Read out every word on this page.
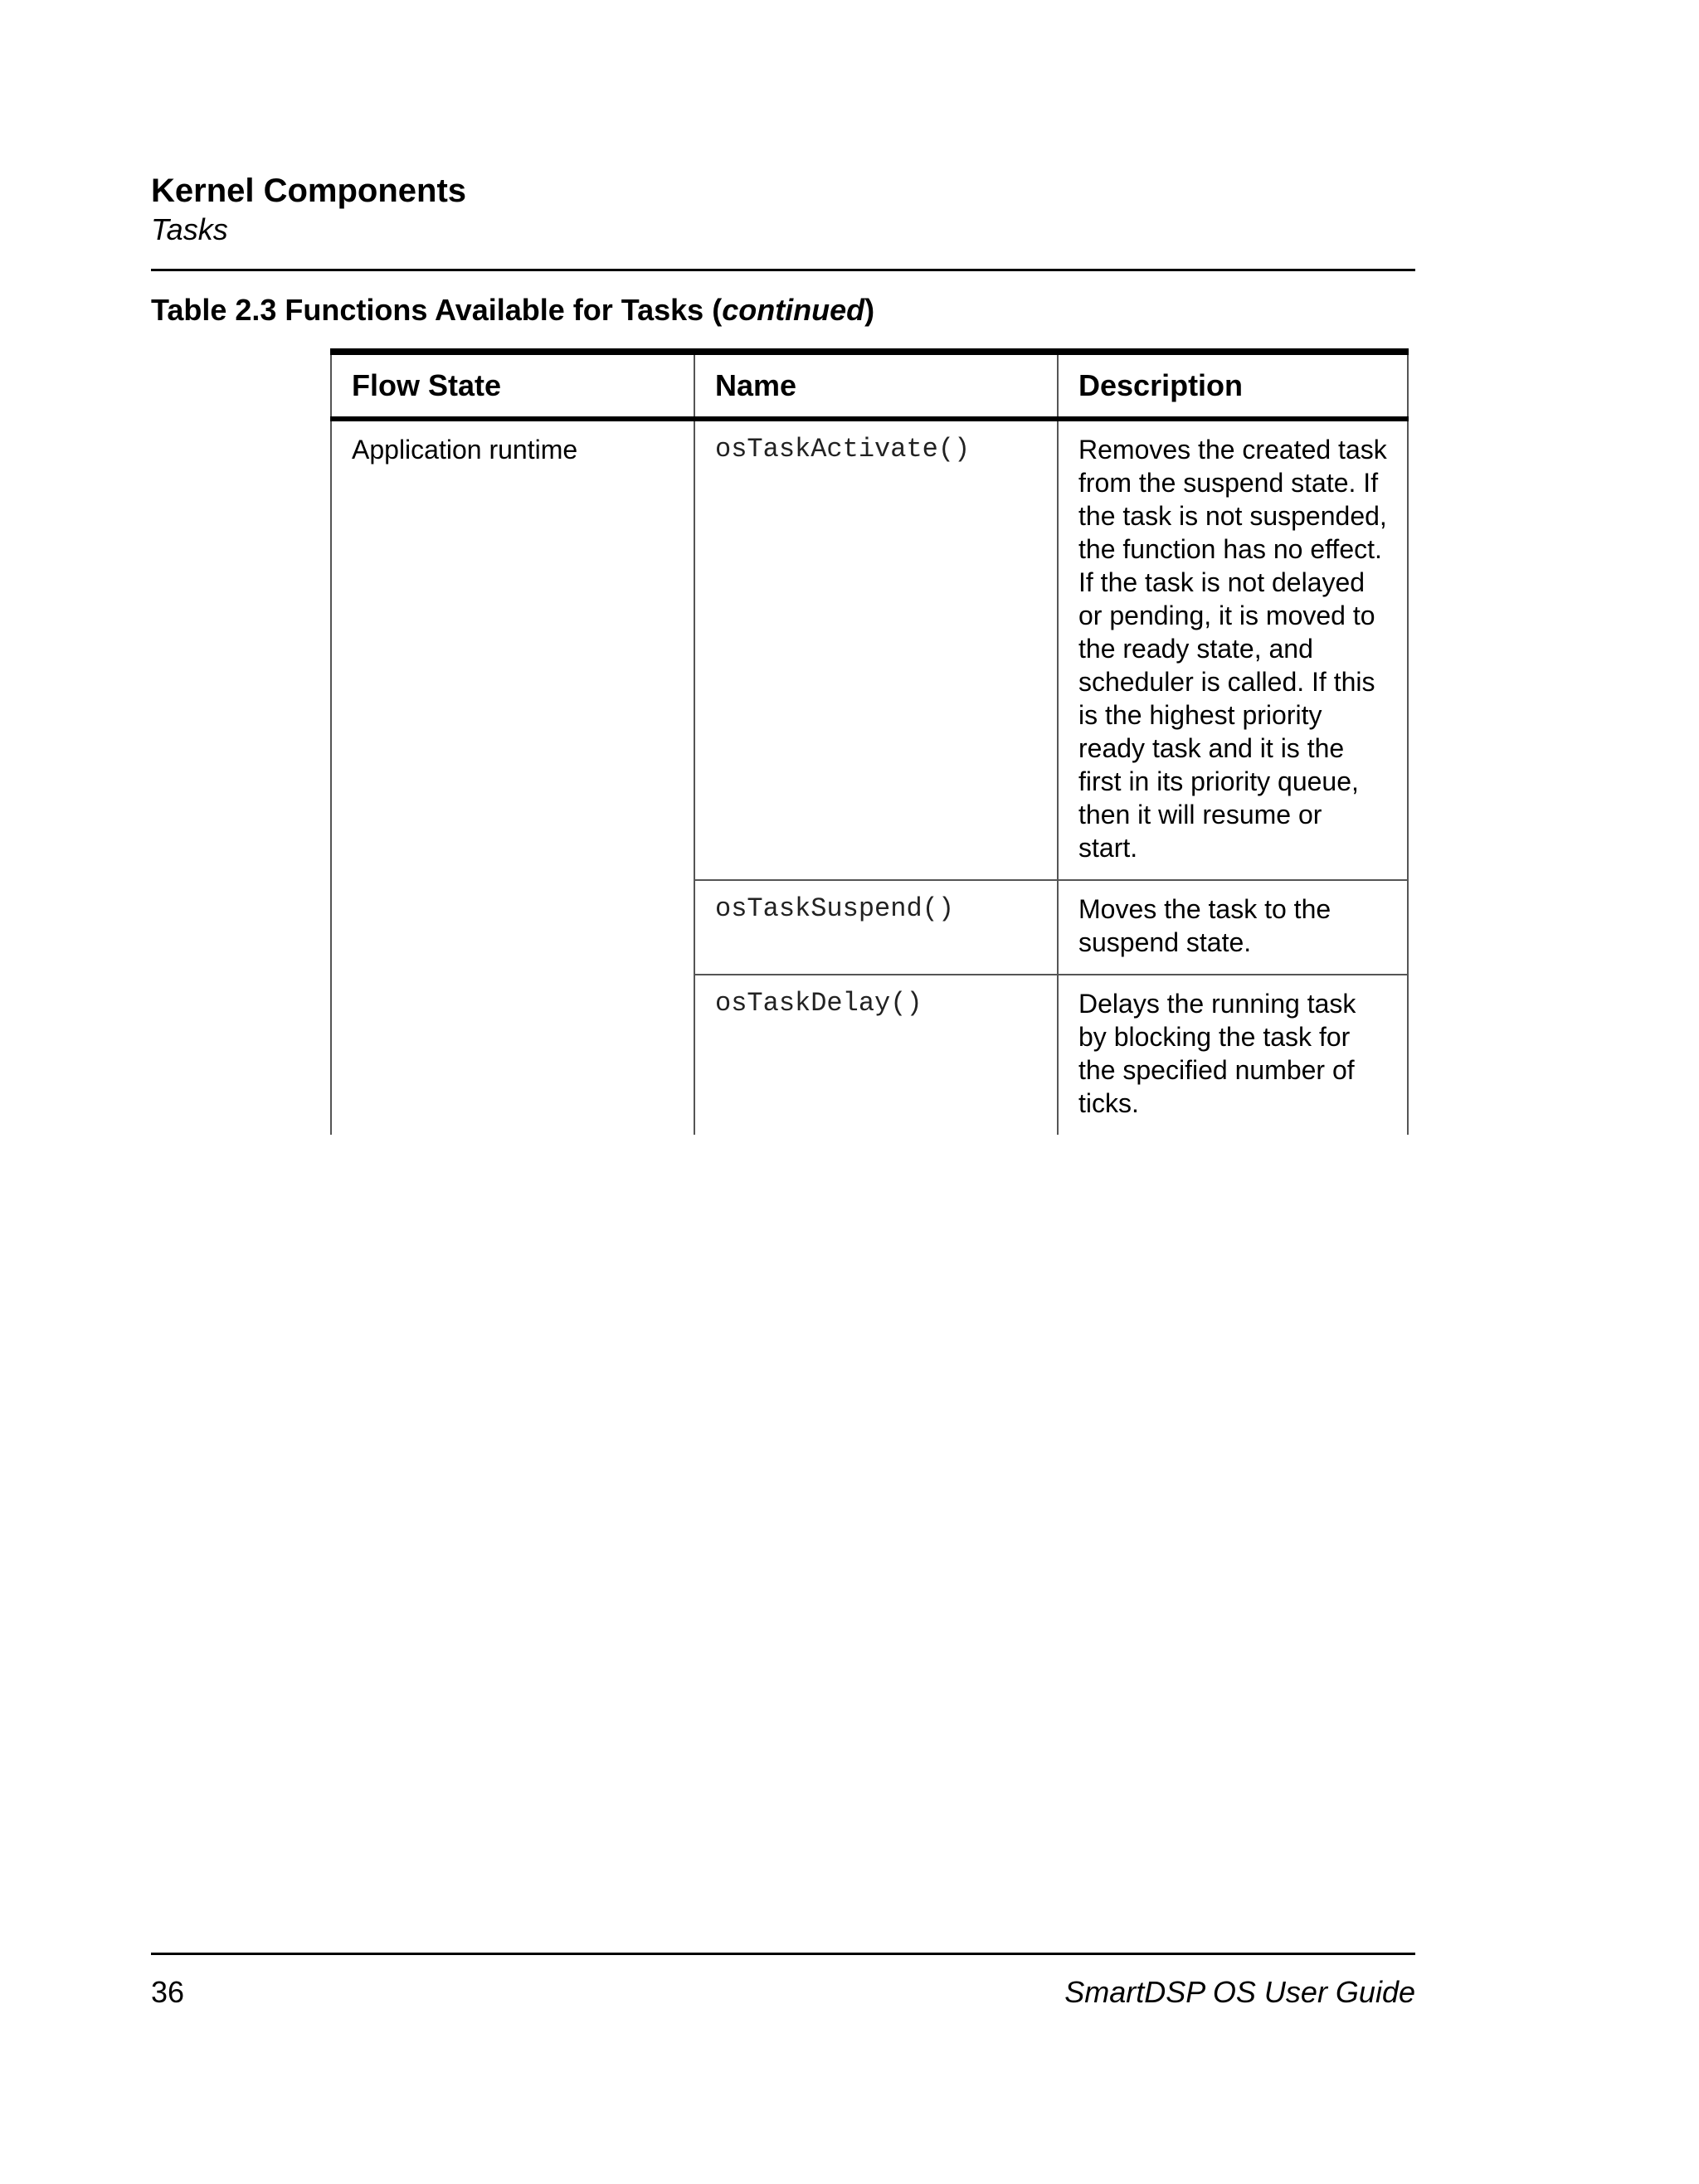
Kernel Components
Tasks
Table 2.3 Functions Available for Tasks (continued)
Flow State	Name	Description
Application runtime	osTaskActivate()	Removes the created task from the suspend state. If the task is not suspended, the function has no effect. If the task is not delayed or pending, it is moved to the ready state, and scheduler is called. If this is the highest priority ready task and it is the first in its priority queue, then it will resume or start.
	osTaskSuspend()	Moves the task to the suspend state.
	osTaskDelay()	Delays the running task by blocking the task for the specified number of ticks.
36	SmartDSP OS User Guide
